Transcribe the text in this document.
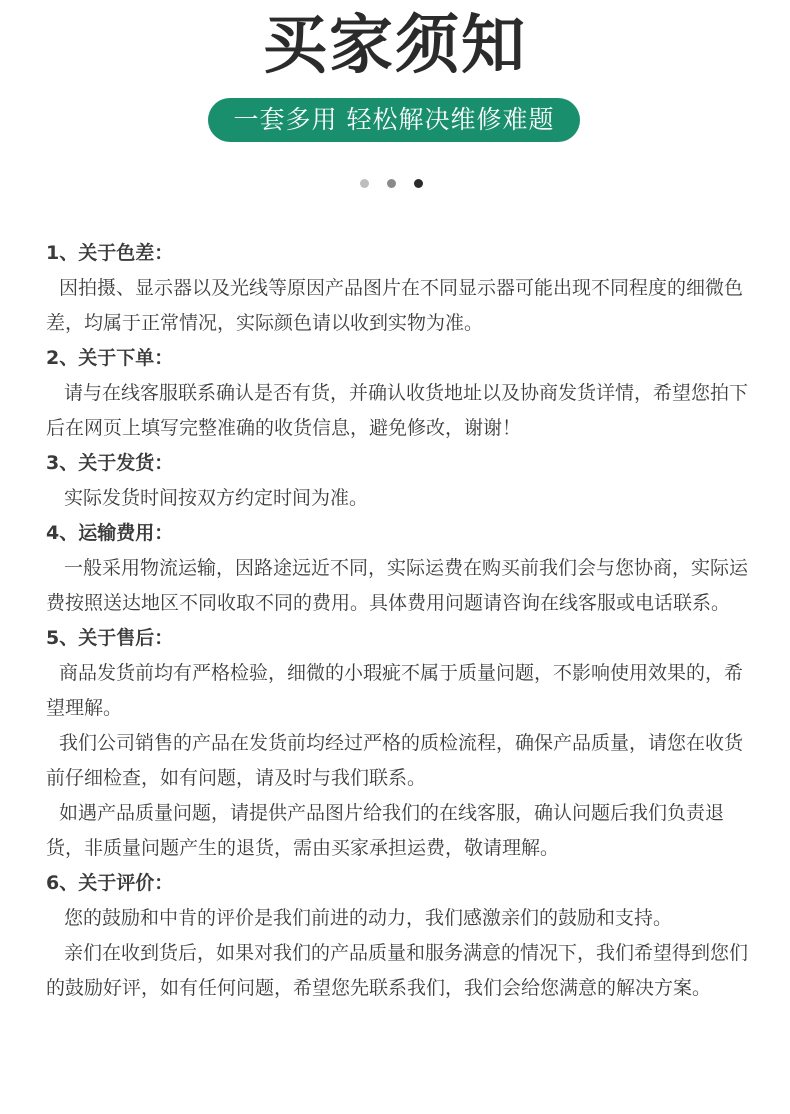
买家须知
一套多用 轻松解决维修难题
1、关于色差：
因拍摄、显示器以及光线等原因产品图片在不同显示器可能出现不同程度的细微色差，均属于正常情况，实际颜色请以收到实物为准。
2、关于下单：
请与在线客服联系确认是否有货，并确认收货地址以及协商发货详情，希望您拍下后在网页上填写完整准确的收货信息，避免修改，谢谢！
3、关于发货：
实际发货时间按双方约定时间为准。
4、运输费用：
一般采用物流运输，因路途远近不同，实际运费在购买前我们会与您协商，实际运费按照送达地区不同收取不同的费用。具体费用问题请咨询在线客服或电话联系。
5、关于售后：
商品发货前均有严格检验，细微的小瑕疵不属于质量问题，不影响使用效果的，希望理解。
我们公司销售的产品在发货前均经过严格的质检流程，确保产品质量，请您在收货前仔细检查，如有问题，请及时与我们联系。
如遇产品质量问题，请提供产品图片给我们的在线客服，确认问题后我们负责退货，非质量问题产生的退货，需由买家承担运费，敬请理解。
6、关于评价：
您的鼓励和中肯的评价是我们前进的动力，我们感激亲们的鼓励和支持。
亲们在收到货后，如果对我们的产品质量和服务满意的情况下，我们希望得到您们的鼓励好评，如有任何问题，希望您先联系我们，我们会给您满意的解决方案。
